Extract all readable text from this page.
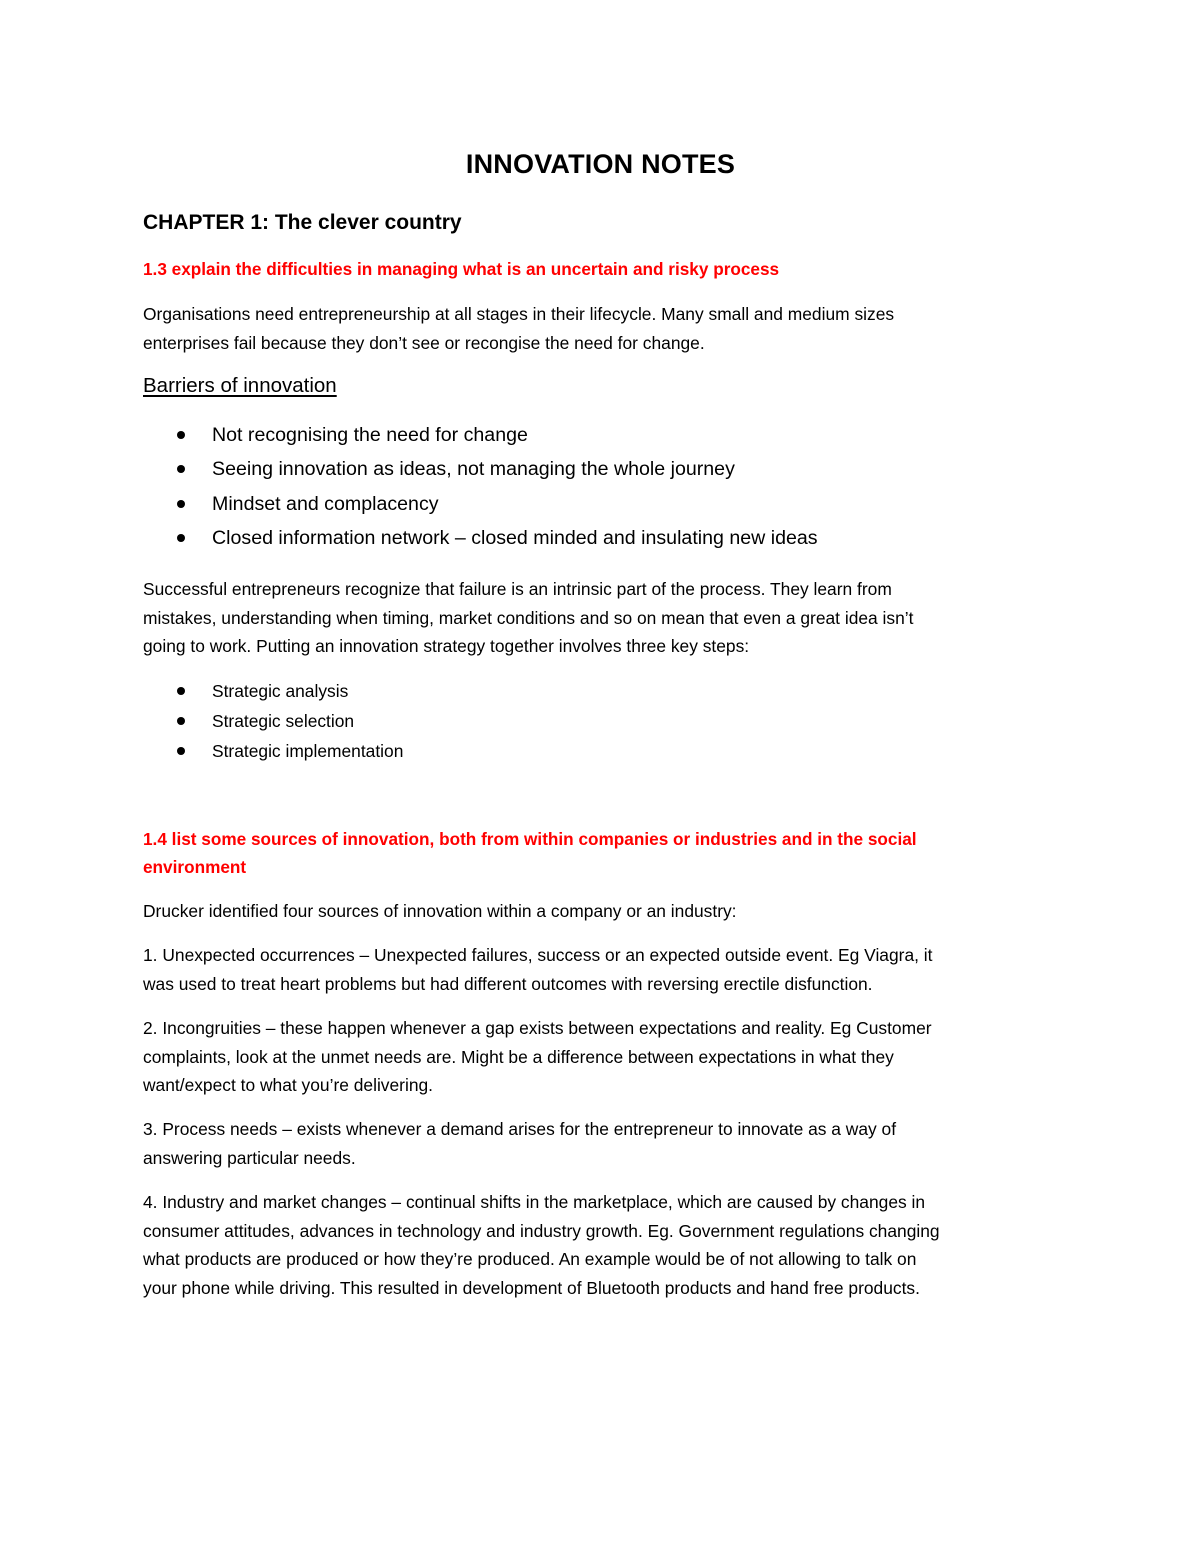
INNOVATION NOTES
CHAPTER 1: The clever country
1.3 explain the difficulties in managing what is an uncertain and risky process
Organisations need entrepreneurship at all stages in their lifecycle. Many small and medium sizes
enterprises fail because they don’t see or recongise the need for change.
Barriers of innovation
Not recognising the need for change
Seeing innovation as ideas, not managing the whole journey
Mindset and complacency
Closed information network – closed minded and insulating new ideas
Successful entrepreneurs recognize that failure is an intrinsic part of the process. They learn from
mistakes, understanding when timing, market conditions and so on mean that even a great idea isn’t
going to work. Putting an innovation strategy together involves three key steps:
Strategic analysis
Strategic selection
Strategic implementation
1.4 list some sources of innovation, both from within companies or industries and in the social
environment
Drucker identified four sources of innovation within a company or an industry:
1. Unexpected occurrences – Unexpected failures, success or an expected outside event. Eg Viagra, it
was used to treat heart problems but had different outcomes with reversing erectile disfunction.
2. Incongruities – these happen whenever a gap exists between expectations and reality. Eg Customer
complaints, look at the unmet needs are. Might be a difference between expectations in what they
want/expect to what you’re delivering.
3. Process needs – exists whenever a demand arises for the entrepreneur to innovate as a way of
answering particular needs.
4. Industry and market changes – continual shifts in the marketplace, which are caused by changes in
consumer attitudes, advances in technology and industry growth. Eg. Government regulations changing
what products are produced or how they’re produced. An example would be of not allowing to talk on
your phone while driving. This resulted in development of Bluetooth products and hand free products.
